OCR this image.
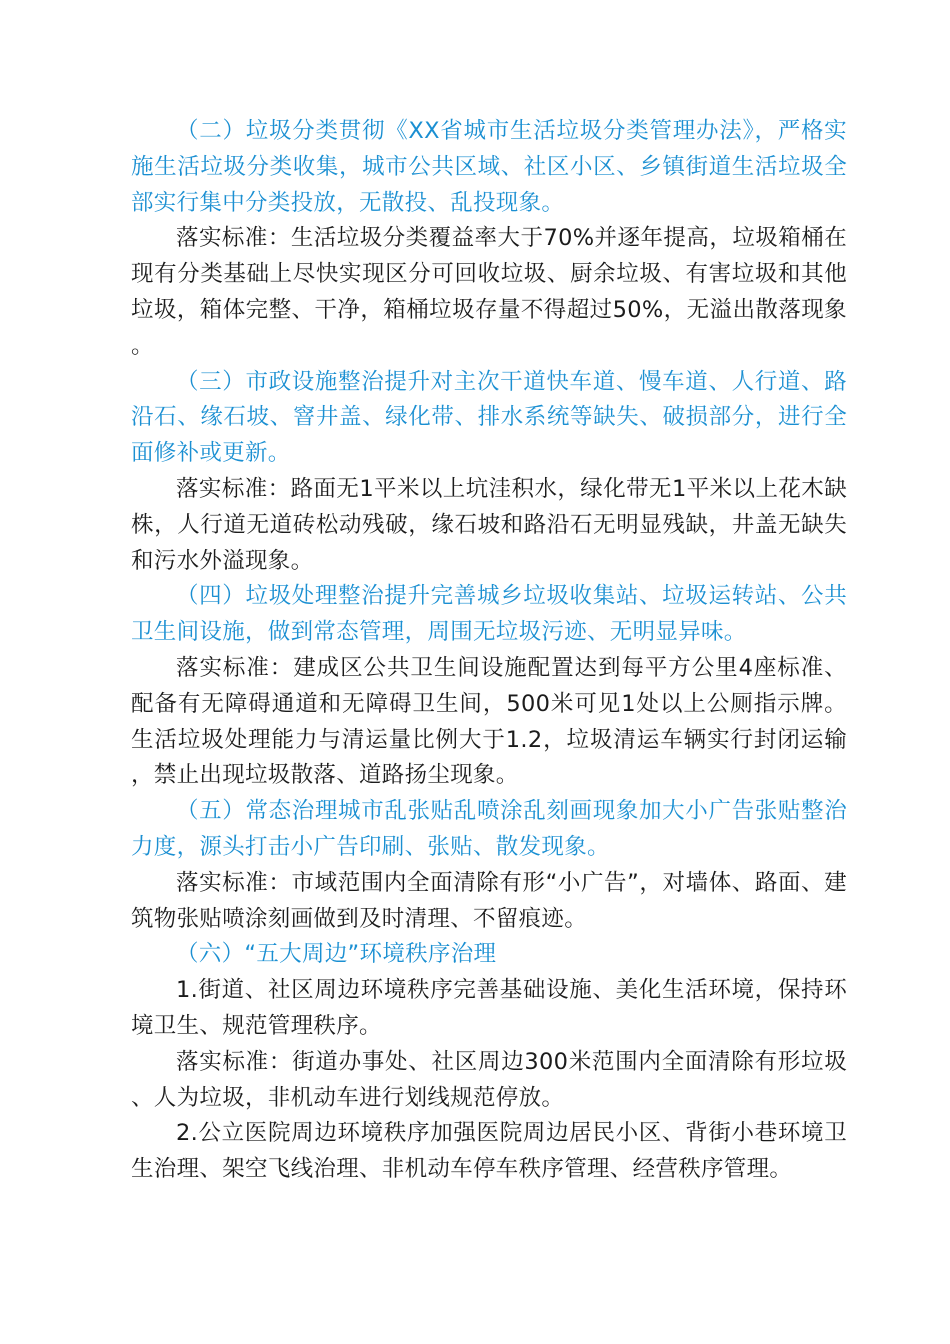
（二）垃圾分类贯彻《XX省城市生活垃圾分类管理办法》，严格实施生活垃圾分类收集，城市公共区域、社区小区、乡镇街道生活垃圾全部实行集中分类投放，无散投、乱投现象。

落实标准：生活垃圾分类覆益率大于70%并逐年提高，垃圾箱桶在现有分类基础上尽快实现区分可回收垃圾、厨余垃圾、有害垃圾和其他垃圾，箱体完整、干净，箱桶垃圾存量不得超过50%，无溢出散落现象。

（三）市政设施整治提升对主次干道快车道、慢车道、人行道、路沿石、缘石坡、窨井盖、绿化带、排水系统等缺失、破损部分，进行全面修补或更新。

落实标准：路面无1平米以上坑洼积水，绿化带无1平米以上花木缺株，人行道无道砖松动残破，缘石坡和路沿石无明显残缺，井盖无缺失和污水外溢现象。

（四）垃圾处理整治提升完善城乡垃圾收集站、垃圾运转站、公共卫生间设施，做到常态管理，周围无垃圾污迹、无明显异味。

落实标准：建成区公共卫生间设施配置达到每平方公里4座标准、配备有无障碍通道和无障碍卫生间，500米可见1处以上公厕指示牌。生活垃圾处理能力与清运量比例大于1.2，垃圾清运车辆实行封闭运输，禁止出现垃圾散落、道路扬尘现象。

（五）常态治理城市乱张贴乱喷涂乱刻画现象加大小广告张贴整治力度，源头打击小广告印刷、张贴、散发现象。

落实标准：市域范围内全面清除有形“小广告”，对墙体、路面、建筑物张贴喷涂刻画做到及时清理、不留痕迹。

（六）“五大周边”环境秩序治理

1.街道、社区周边环境秩序完善基础设施、美化生活环境，保持环境卫生、规范管理秩序。

落实标准：街道办事处、社区周边300米范围内全面清除有形垃圾、人为垃圾，非机动车进行划线规范停放。

2.公立医院周边环境秩序加强医院周边居民小区、背街小巷环境卫生治理、架空飞线治理、非机动车停车秩序管理、经营秩序管理。
